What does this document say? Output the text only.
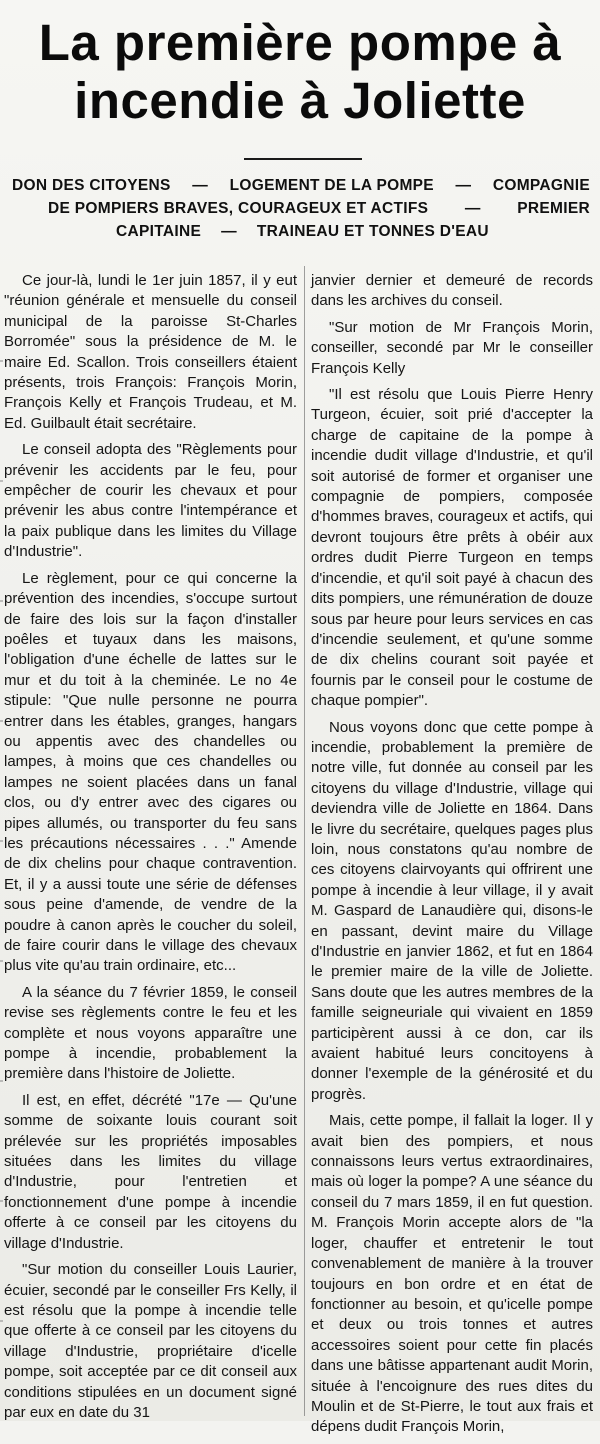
La première pompe à
incendie à Joliette
DON DES CITOYENS — LOGEMENT DE LA POMPE — COMPAGNIE
DE POMPIERS BRAVES, COURAGEUX ET ACTIFS — PREMIER
CAPITAINE — TRAINEAU ET TONNES D'EAU

Ce jour-là, lundi le 1er juin 1857, il y eut "réunion générale et mensuelle du conseil municipal de la paroisse St-Charles Borromée" sous la présidence de M. le maire Ed. Scallon. Trois conseillers étaient présents, trois François: François Morin, François Kelly et François Trudeau, et M. Ed. Guilbault était secrétaire.

Le conseil adopta des "Règlements pour prévenir les accidents par le feu, pour empêcher de courir les chevaux et pour prévenir les abus contre l'intempérance et la paix publique dans les limites du Village d'Industrie".

Le règlement, pour ce qui concerne la prévention des incendies, s'occupe surtout de faire des lois sur la façon d'installer poêles et tuyaux dans les maisons, l'obligation d'une échelle de lattes sur le mur et du toit à la cheminée. Le no 4e stipule: "Que nulle personne ne pourra entrer dans les étables, granges, hangars ou appentis avec des chandelles ou lampes, à moins que ces chandelles ou lampes ne soient placées dans un fanal clos, ou d'y entrer avec des cigares ou pipes allumés, ou transporter du feu sans les précautions nécessaires . . ." Amende de dix chelins pour chaque contravention. Et, il y a aussi toute une série de défenses sous peine d'amende, de vendre de la poudre à canon après le coucher du soleil, de faire courir dans le village des chevaux plus vite qu'au train ordinaire, etc...

A la séance du 7 février 1859, le conseil revise ses règlements contre le feu et les complète et nous voyons apparaître une pompe à incendie, probablement la première dans l'histoire de Joliette.

Il est, en effet, décrété "17e — Qu'une somme de soixante louis courant soit prélevée sur les propriétés imposables situées dans les limites du village d'Industrie, pour l'entretien et fonctionnement d'une pompe à incendie offerte à ce conseil par les citoyens du village d'Industrie.

"Sur motion du conseiller Louis Laurier, écuier, secondé par le conseiller Frs Kelly, il est résolu que la pompe à incendie telle que offerte à ce conseil par les citoyens du village d'Industrie, propriétaire d'icelle pompe, soit acceptée par ce dit conseil aux conditions stipulées en un document signé par eux en date du 31

janvier dernier et demeuré de records dans les archives du conseil.

"Sur motion de Mr François Morin, conseiller, secondé par Mr le conseiller François Kelly

"Il est résolu que Louis Pierre Henry Turgeon, écuier, soit prié d'accepter la charge de capitaine de la pompe à incendie dudit village d'Industrie, et qu'il soit autorisé de former et organiser une compagnie de pompiers, composée d'hommes braves, courageux et actifs, qui devront toujours être prêts à obéir aux ordres dudit Pierre Turgeon en temps d'incendie, et qu'il soit payé à chacun des dits pompiers, une rémunération de douze sous par heure pour leurs services en cas d'incendie seulement, et qu'une somme de dix chelins courant soit payée et fournis par le conseil pour le costume de chaque pompier".

Nous voyons donc que cette pompe à incendie, probablement la première de notre ville, fut donnée au conseil par les citoyens du village d'Industrie, village qui deviendra ville de Joliette en 1864. Dans le livre du secrétaire, quelques pages plus loin, nous constatons qu'au nombre de ces citoyens clairvoyants qui offrirent une pompe à incendie à leur village, il y avait M. Gaspard de Lanaudière qui, disons-le en passant, devint maire du Village d'Industrie en janvier 1862, et fut en 1864 le premier maire de la ville de Joliette. Sans doute que les autres membres de la famille seigneuriale qui vivaient en 1859 participèrent aussi à ce don, car ils avaient habitué leurs concitoyens à donner l'exemple de la générosité et du progrès.

Mais, cette pompe, il fallait la loger. Il y avait bien des pompiers, et nous connaissons leurs vertus extraordinaires, mais où loger la pompe? A une séance du conseil du 7 mars 1859, il en fut question. M. François Morin accepte alors de "la loger, chauffer et entretenir le tout convenablement de manière à la trouver toujours en bon ordre et en état de fonctionner au besoin, et qu'icelle pompe et deux ou trois tonnes et autres accessoires soient pour cette fin placés dans une bâtisse appartenant audit Morin, située à l'encoignure des rues dites du Moulin et de St-Pierre, le tout aux frais et dépens dudit François Morin,
